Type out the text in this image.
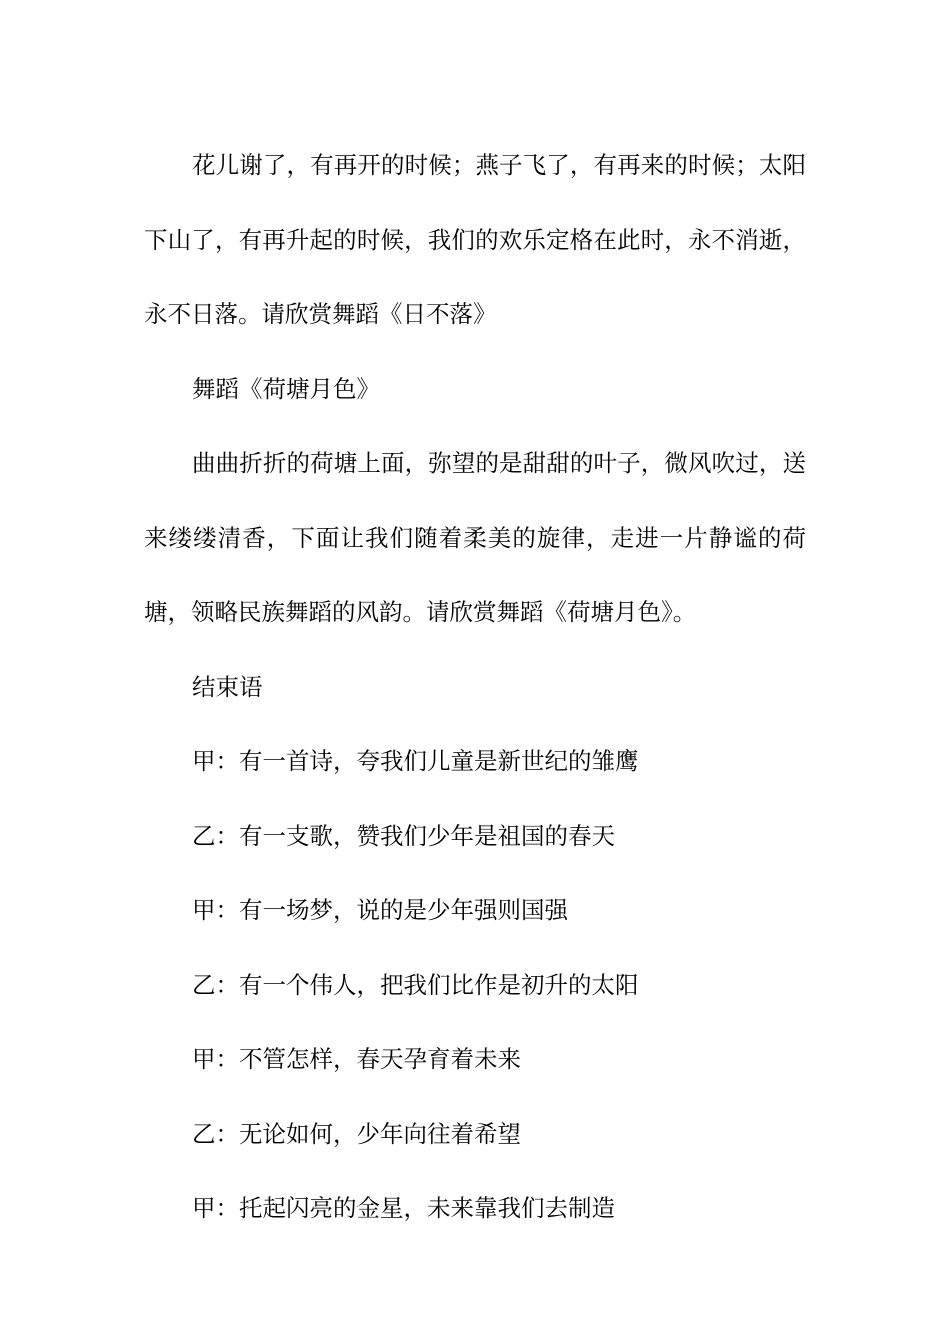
花儿谢了，有再开的时候；燕子飞了，有再来的时候；太阳下山了，有再升起的时候，我们的欢乐定格在此时，永不消逝，永不日落。请欣赏舞蹈《日不落》

舞蹈《荷塘月色》

曲曲折折的荷塘上面，弥望的是甜甜的叶子，微风吹过，送来缕缕清香，下面让我们随着柔美的旋律，走进一片静谧的荷塘，领略民族舞蹈的风韵。请欣赏舞蹈《荷塘月色》。

结束语

甲：有一首诗，夸我们儿童是新世纪的雏鹰

乙：有一支歌，赞我们少年是祖国的春天

甲：有一场梦，说的是少年强则国强

乙：有一个伟人，把我们比作是初升的太阳

甲：不管怎样，春天孕育着未来

乙：无论如何，少年向往着希望

甲：托起闪亮的金星，未来靠我们去制造
